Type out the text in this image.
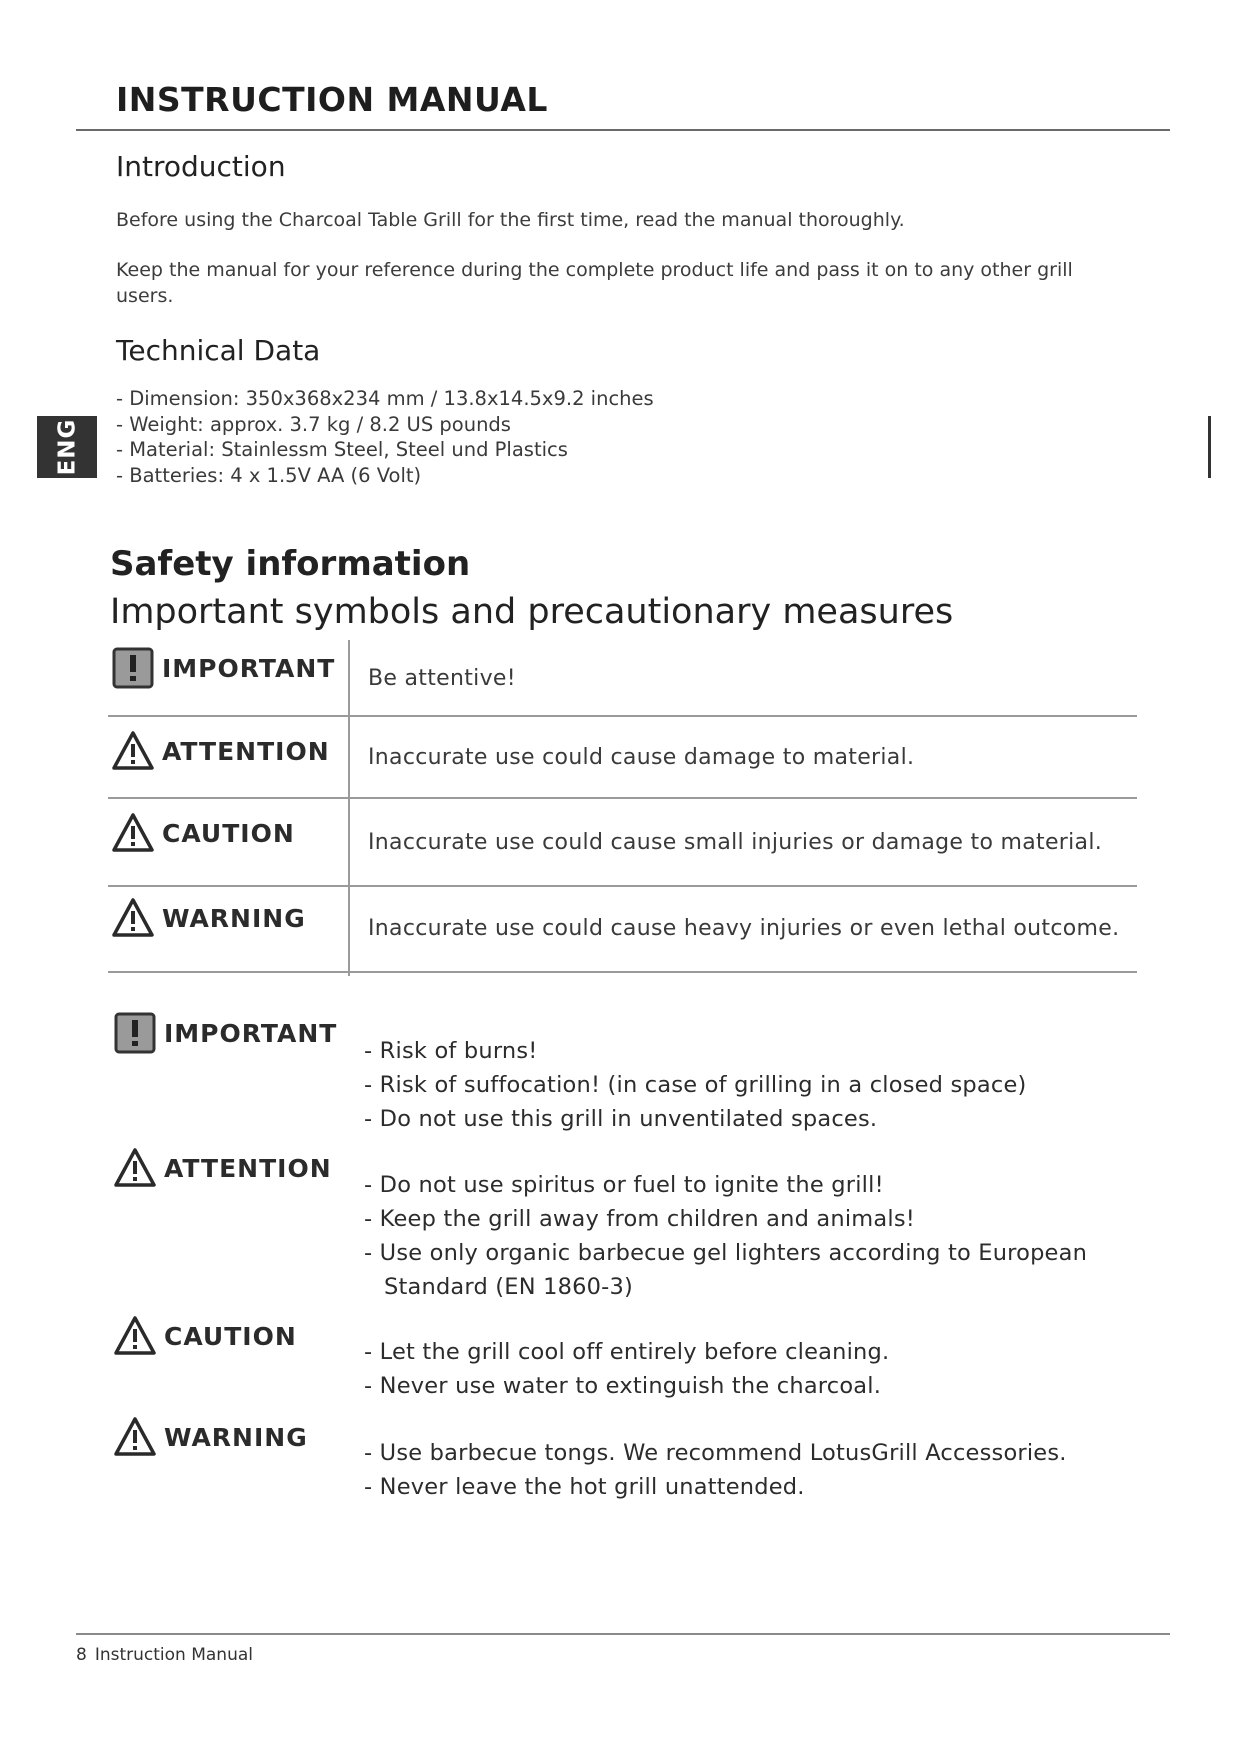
INSTRUCTION MANUAL
Introduction
Before using the Charcoal Table Grill for the first time, read the manual thoroughly.
Keep the manual for your reference during the complete product life and pass it on to any other grill users.
Technical Data
- Dimension: 350x368x234 mm / 13.8x14.5x9.2 inches
- Weight: approx. 3.7 kg / 8.2 US pounds
- Material: Stainlessm Steel, Steel und Plastics
- Batteries: 4 x 1.5V AA (6 Volt)
ENG
Safety information
Important symbols and precautionary measures
IMPORTANT Be attentive!
ATTENTION Inaccurate use could cause damage to material.
CAUTION	Inaccurate use could cause small injuries or damage to material.
WARNING	Inaccurate use could cause heavy injuries or even lethal outcome.
IMPORTANT
- Risk of burns!
- Risk of suffocation! (in case of grilling in a closed space)
- Do not use this grill in unventilated spaces.
ATTENTION
- Do not use spiritus or fuel to ignite the grill!
- Keep the grill away from children and animals!
- Use only organic barbecue gel lighters according to European
Standard (EN 1860-3)
CAUTION
- Let the grill cool off entirely before cleaning.
- Never use water to extinguish the charcoal.
WARNING
- Use barbecue tongs. We recommend LotusGrill Accessories.
- Never leave the hot grill unattended.
8 Instruction Manual
